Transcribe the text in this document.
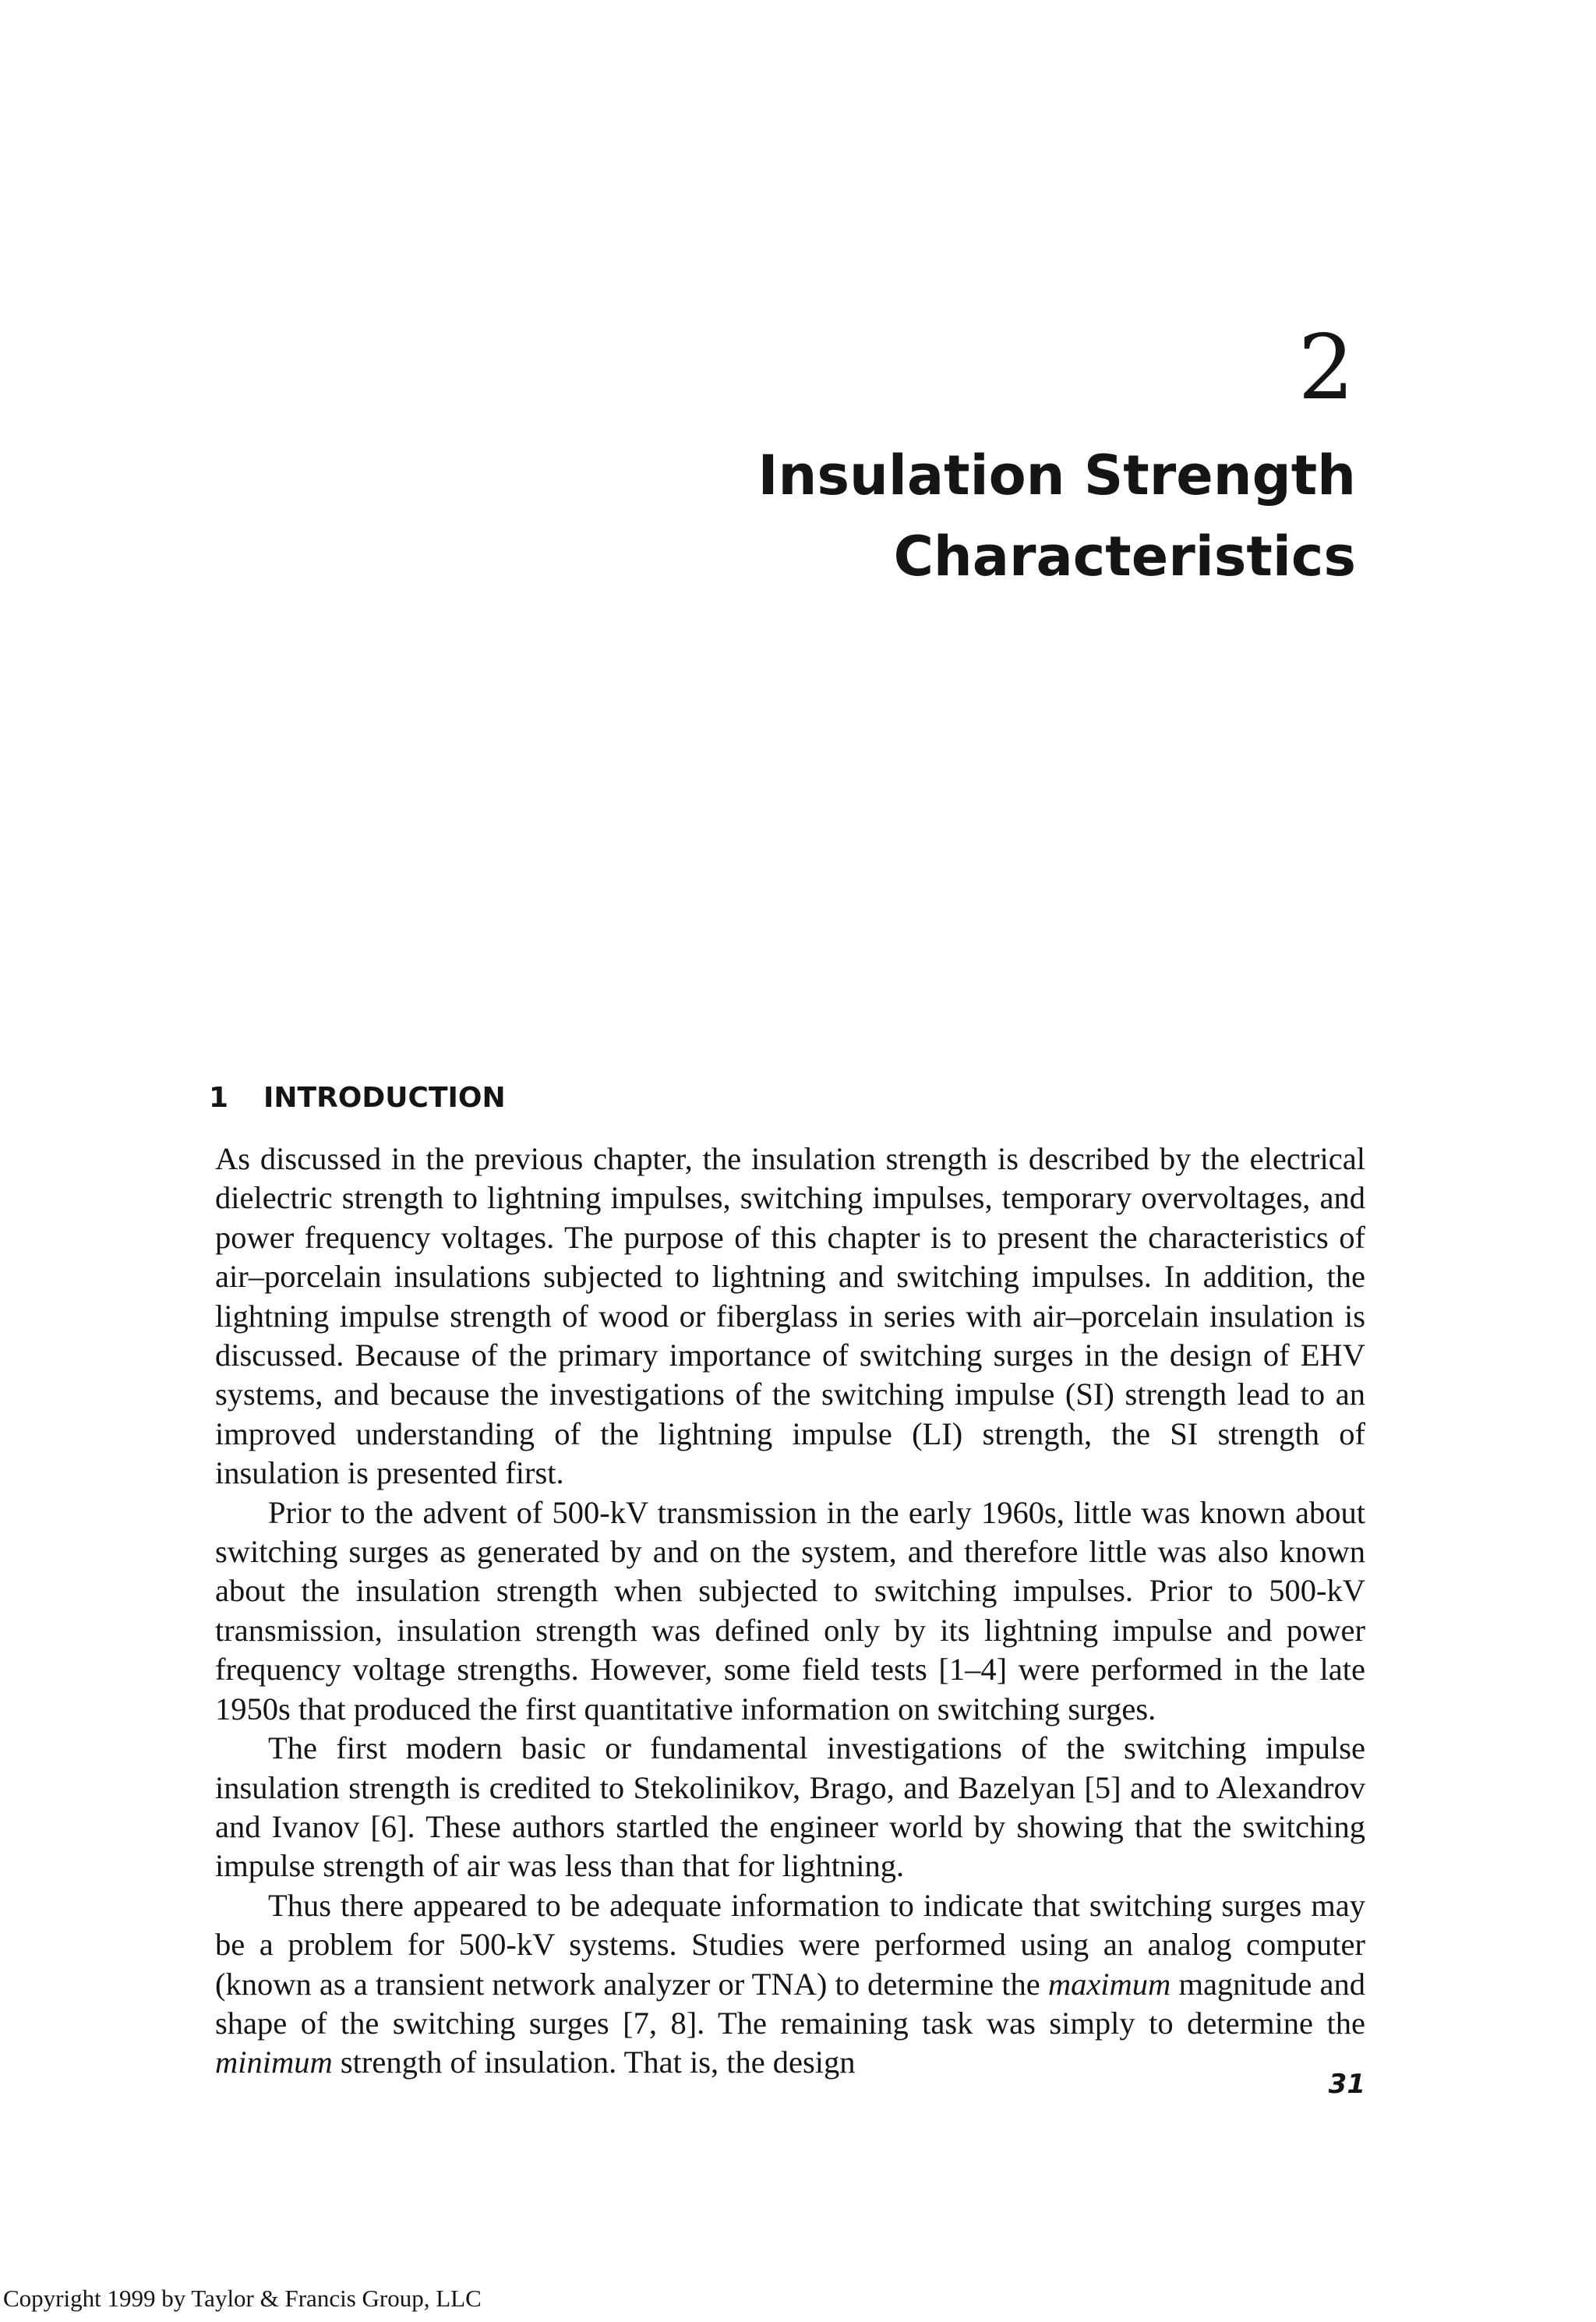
2
Insulation Strength
Characteristics
1 INTRODUCTION

As discussed in the previous chapter, the insulation strength is described by the electrical dielectric strength to lightning impulses, switching impulses, temporary overvoltages, and power frequency voltages. The purpose of this chapter is to present the characteristics of air–porcelain insulations subjected to lightning and switching impulses. In addition, the lightning impulse strength of wood or fiberglass in series with air–porcelain insulation is discussed. Because of the primary importance of switching surges in the design of EHV systems, and because the investigations of the switching impulse (SI) strength lead to an improved understanding of the lightning impulse (LI) strength, the SI strength of insulation is presented first.

Prior to the advent of 500-kV transmission in the early 1960s, little was known about switching surges as generated by and on the system, and therefore little was also known about the insulation strength when subjected to switching impulses. Prior to 500-kV transmission, insulation strength was defined only by its lightning impulse and power frequency voltage strengths. However, some field tests [1–4] were performed in the late 1950s that produced the first quantitative information on switching surges.

The first modern basic or fundamental investigations of the switching impulse insulation strength is credited to Stekolinikov, Brago, and Bazelyan [5] and to Alexandrov and Ivanov [6]. These authors startled the engineer world by showing that the switching impulse strength of air was less than that for lightning.

Thus there appeared to be adequate information to indicate that switching surges may be a problem for 500-kV systems. Studies were performed using an analog computer (known as a transient network analyzer or TNA) to determine the maximum magnitude and shape of the switching surges [7, 8]. The remaining task was simply to determine the minimum strength of insulation. That is, the design

31
Copyright 1999 by Taylor & Francis Group, LLC
